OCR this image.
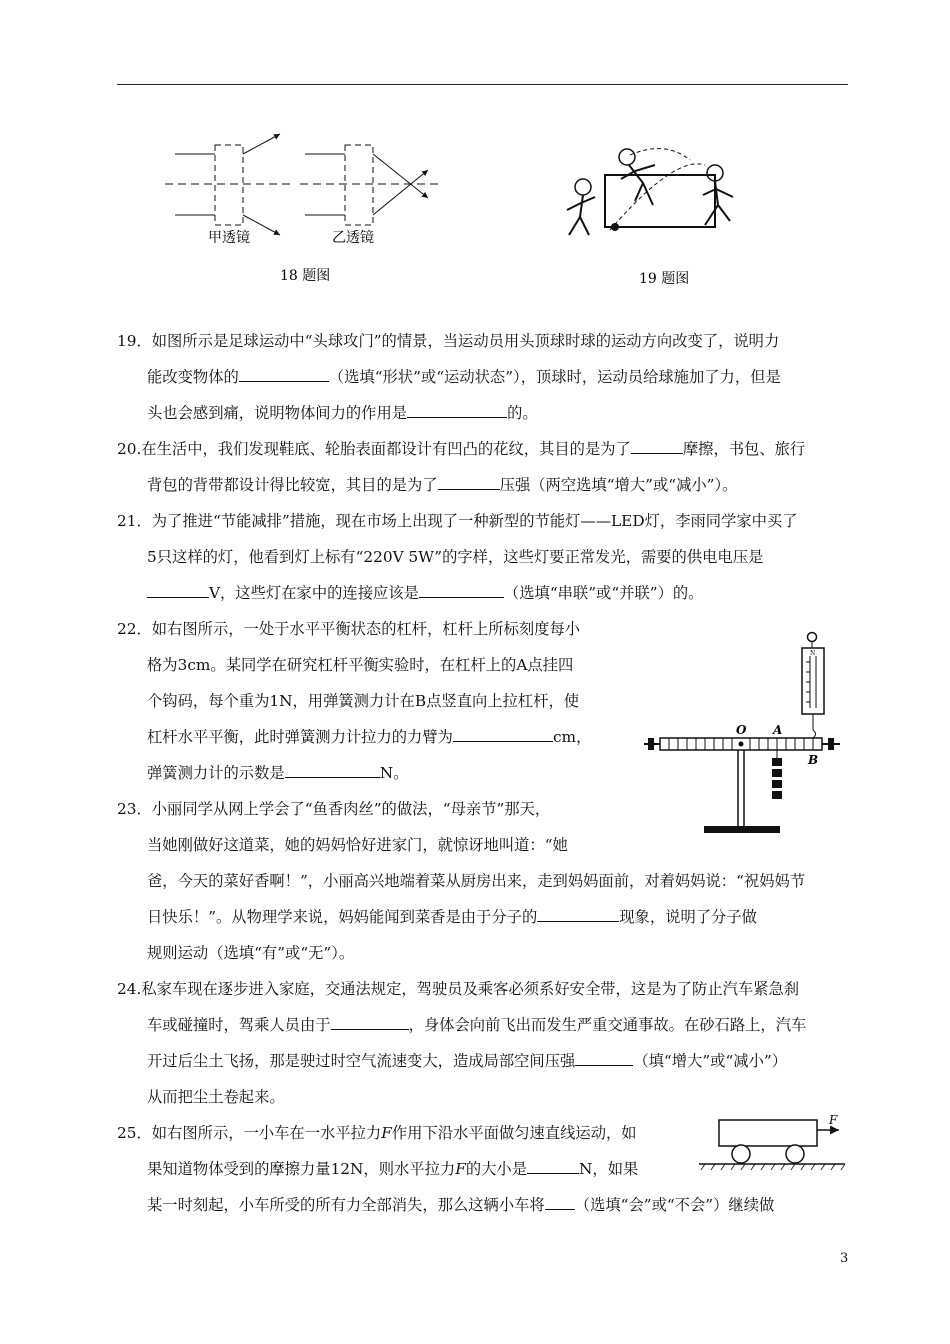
甲透镜	乙透镜
18 题图	19 题图
19．如图所示是足球运动中“头球攻门”的情景，当运动员用头顶球时球的运动方向改变了，说明力
能改变物体的	（选填“形状”或“运动状态”），顶球时，运动员给球施加了力，但是
头也会感到痛，说明物体间力的作用是	的。
20.在生活中，我们发现鞋底、轮胎表面都设计有凹凸的花纹，其目的是为了	摩擦，书包、旅行
背包的背带都设计得比较宽，其目的是为了	压强（两空选填“增大”或“减小”）。
21．为了推进“节能减排”措施，现在市场上出现了一种新型的节能灯——LED灯，李雨同学家中买了
5只这样的灯，他看到灯上标有“220V 5W”的字样，这些灯要正常发光，需要的供电电压是
V，这些灯在家中的连接应该是	（选填“串联”或“并联”）的。
N
O A
B
22．如右图所示，一处于水平平衡状态的杠杆，杠杆上所标刻度每小
格为3cm。某同学在研究杠杆平衡实验时，在杠杆上的A点挂四
个钩码，每个重为1N，用弹簧测力计在B点竖直向上拉杠杆，使
杠杆水平平衡，此时弹簧测力计拉力的力臂为	cm，
弹簧测力计的示数是	N。
23．小丽同学从网上学会了“鱼香肉丝”的做法，“母亲节”那天，
当她刚做好这道菜，她的妈妈恰好进家门，就惊讶地叫道：“她
爸，今天的菜好香啊！”，小丽高兴地端着菜从厨房出来，走到妈妈面前，对着妈妈说：“祝妈妈节
日快乐！”。从物理学来说，妈妈能闻到菜香是由于分子的	现象，说明了分子做
规则运动（选填“有”或“无”）。
24.私家车现在逐步进入家庭，交通法规定，驾驶员及乘客必须系好安全带，这是为了防止汽车紧急刹
车或碰撞时，驾乘人员由于	，身体会向前飞出而发生严重交通事故。在砂石路上，汽车
开过后尘土飞扬，那是驶过时空气流速变大，造成局部空间压强	（填“增大”或“减小”）
从而把尘土卷起来。
F
25．如右图所示，一小车在一水平拉力F作用下沿水平面做匀速直线运动，如
果知道物体受到的摩擦力量12N，则水平拉力F的大小是	N，如果
某一时刻起，小车所受的所有力全部消失，那么这辆小车将 （选填“会”或“不会”）继续做
3
